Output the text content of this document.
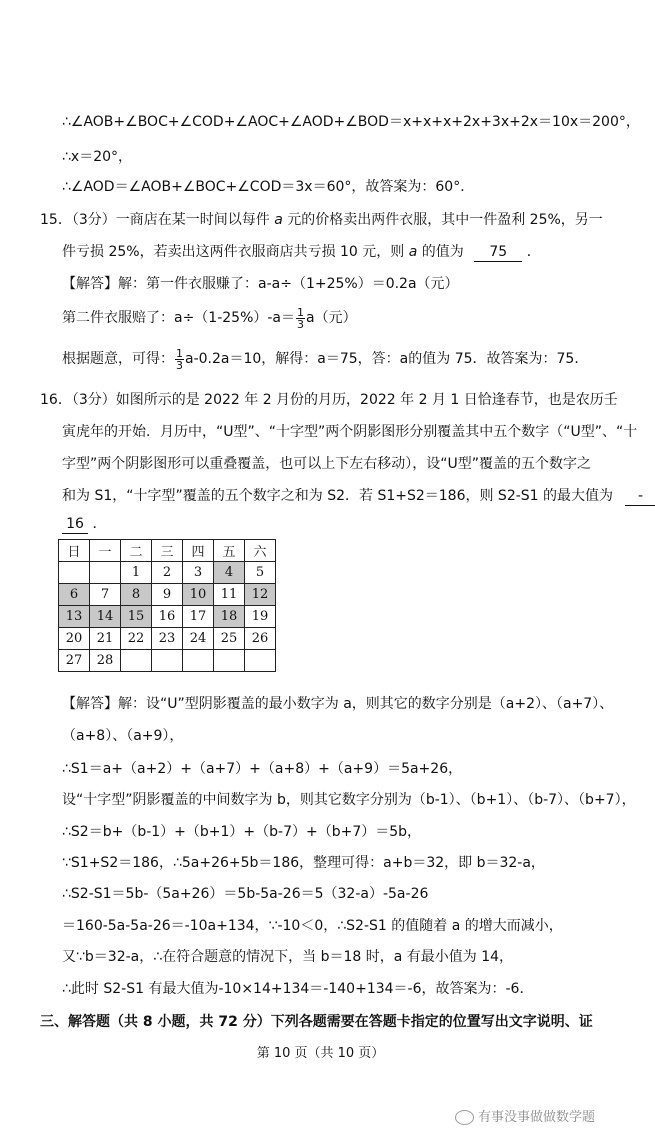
∴∠AOB+∠BOC+∠COD+∠AOC+∠AOD+∠BOD＝x+x+x+2x+3x+2x＝10x＝200°，
∴x＝20°，
∴∠AOD＝∠AOB+∠BOC+∠COD＝3x＝60°，故答案为：60°．
15．（3分）一商店在某一时间以每件 a 元的价格卖出两件衣服，其中一件盈利 25%，另一
件亏损 25%，若卖出这两件衣服商店共亏损 10 元，则 a 的值为 75 ．
【解答】解：第一件衣服赚了：a-a÷（1+25%）＝0.2a（元）
第二件衣服赔了：$a\div(1-25\%)-a= \frac{1}{3} a$（元）
根据题意，可得： $\frac{1}{3} a-0.2a=10$，解得：a＝75，答：a的值为 75．故答案为：75．
16．（3分）如图所示的是 2022 年 2 月份的月历，2022 年 2 月 1 日恰逢春节，也是农历壬
寅虎年的开始．月历中，“U型”、“十字型”两个阴影图形分别覆盖其中五个数字（“U型”、“十
字型”两个阴影图形可以重叠覆盖，也可以上下左右移动），设“U型”覆盖的五个数字之
和为 S1，“十字型”覆盖的五个数字之和为 S2．若 S1+S2＝186，则 S2-S1 的最大值为 -
16 ．
日	一	二	三	四	五	六
		1	2	3	4	5
6	7	8	9	10	11	12
13	14	15	16	17	18	19
20	21	22	23	24	25	26
27	28					
【解答】解：设“U”型阴影覆盖的最小数字为 a，则其它的数字分别是（a+2）、（a+7）、
（a+8）、（a+9），
∴S1＝a+（a+2）+（a+7）+（a+8）+（a+9）＝5a+26，
设“十字型”阴影覆盖的中间数字为 b，则其它数字分别为（b-1）、（b+1）、（b-7）、（b+7），
∴S2＝b+（b-1）+（b+1）+（b-7）+（b+7）＝5b，
∵S1+S2＝186，∴5a+26+5b＝186，整理可得：a+b＝32，即 b＝32-a，
∴S2-S1＝5b-（5a+26）＝5b-5a-26＝5（32-a）-5a-26
＝160-5a-5a-26＝-10a+134，∵-10＜0，∴S2-S1 的值随着 a 的增大而减小，
又∵b＝32-a，∴在符合题意的情况下，当 b＝18 时，a 有最小值为 14，
∴此时 S2-S1 有最大值为-10×14+134＝-140+134＝-6，故答案为：-6．
三、解答题（共 8 小题，共 72 分）下列各题需要在答题卡指定的位置写出文字说明、证
第 10 页（共 10 页）
有事没事做做数学题
